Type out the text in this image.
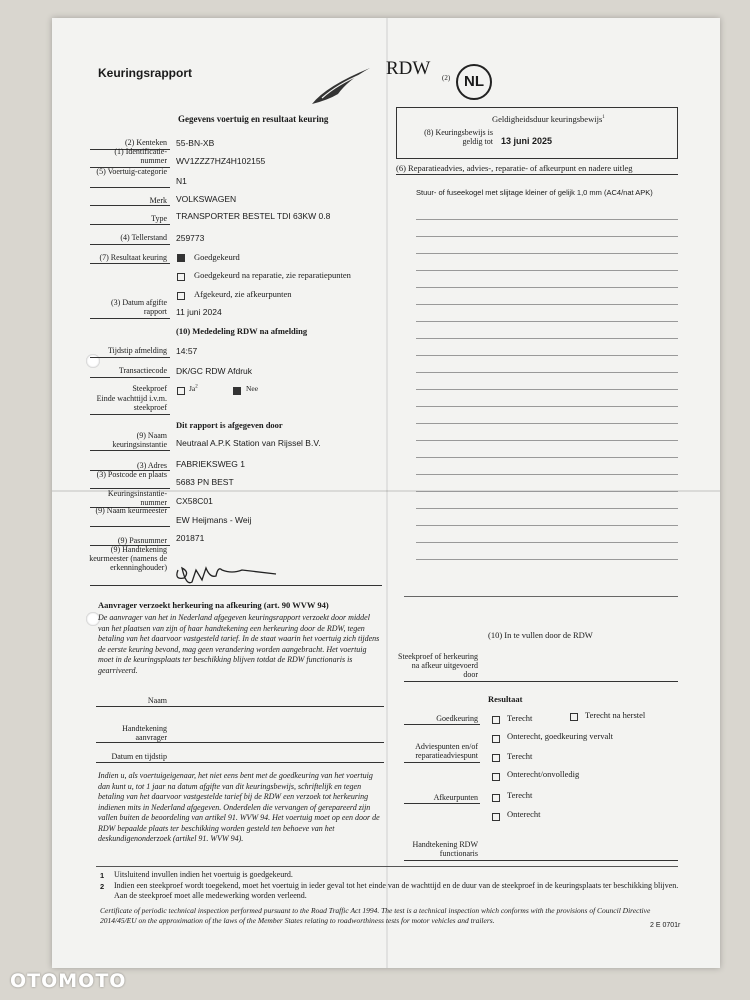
Keuringsrapport	RDW (2) NL
Gegevens voertuig en resultaat keuring	Geldigheidsduur keuringsbewijs$^1$
(8) Keuringsbewijs is geldig tot 13 juni 2025
(2) Kenteken 55-BN-XB
(1) Identificatie-nummer WV1ZZZ7HZ4H102155
(5) Voertuig-categorie
N1
Merk VOLKSWAGEN
Type TRANSPORTER BESTEL TDI 63KW 0.8
(4) Tellerstand 259773
(7) Resultaat keuring	Goedgekeurd
Goedgekeurd na reparatie, zie reparatiepunten
Afgekeurd, zie afkeurpunten
(3) Datum afgifte rapport 11 juni 2024
(10) Mededeling RDW na afmelding
Tijdstip afmelding 14:57
Transactiecode DK/GC RDW Afdruk
Steekproef	Ja$^2$	Nee
Einde wachttijd i.v.m. steekproef
Dit rapport is afgegeven door
(9) Naam keuringsinstantie Neutraal A.P.K Station van Rijssel B.V.
(3) Adres FABRIEKSWEG 1
(3) Postcode en plaats
5683 PN BEST
Keuringsinstantie-nummer CX58C01
(9) Naam keurmeester
EW Heijmans - Weij
(9) Pasnummer 201871
(9) Handtekening keurmeester (namens de erkenninghouder)
(6) Reparatieadvies, advies-, reparatie- of afkeurpunt en nadere uitleg
Stuur- of fuseekogel met slijtage kleiner of gelijk 1,0 mm (AC4/nat APK)
Aanvrager verzoekt herkeuring na afkeuring (art. 90 WVW 94)
De aanvrager van het in Nederland afgegeven keuringsrapport verzoekt door middel van het plaatsen van zijn of haar handtekening een herkeuring door de RDW, tegen betaling van het daarvoor vastgesteld tarief. In de staat waarin het voertuig zich tijdens de eerste keuring bevond, mag geen verandering worden aangebracht. Het voertuig moet in de keuringsplaats ter beschikking blijven totdat de RDW functionaris is gearriveerd.
Naam
Handtekening aanvrager
Datum en tijdstip
Indien u, als voertuigeigenaar, het niet eens bent met de goedkeuring van het voertuig dan kunt u, tot 1 jaar na datum afgifte van dit keuringsbewijs, schriftelijk en tegen betaling van het daarvoor vastgestelde tarief bij de RDW een verzoek tot herkeuring indienen mits in Nederland afgegeven. Onderdelen die vervangen of gerepareerd zijn vallen buiten de beoordeling van artikel 91. WVW 94. Het voertuig moet op een door de RDW bepaalde plaats ter beschikking worden gesteld ten behoeve van het deskundigenonderzoek (artikel 91. WVW 94).
(10) In te vullen door de RDW
Steekproef of herkeuring na afkeur uitgevoerd door
Resultaat
Goedkeuring	Terecht	Terecht na herstel
Onterecht, goedkeuring vervalt
Adviespunten en/of reparatieadviespunt	Terecht
Onterecht/onvolledig
Afkeurpunten	Terecht
Onterecht
Handtekening RDW functionaris
1 Uitsluitend invullen indien het voertuig is goedgekeurd.
2 Indien een steekproef wordt toegekend, moet het voertuig in ieder geval tot het einde van de wachttijd en de duur van de steekproef in de keuringsplaats ter beschikking blijven. Aan de steekproef moet alle medewerking worden verleend.
Certificate of periodic technical inspection performed pursuant to the Road Traffic Act 1994. The test is a technical inspection which conforms with the provisions of Council Directive 2014/45/EU on the approximation of the laws of the Member States relating to roadworthiness tests for motor vehicles and trailers.
2 E 0701r
OTOMOTO
